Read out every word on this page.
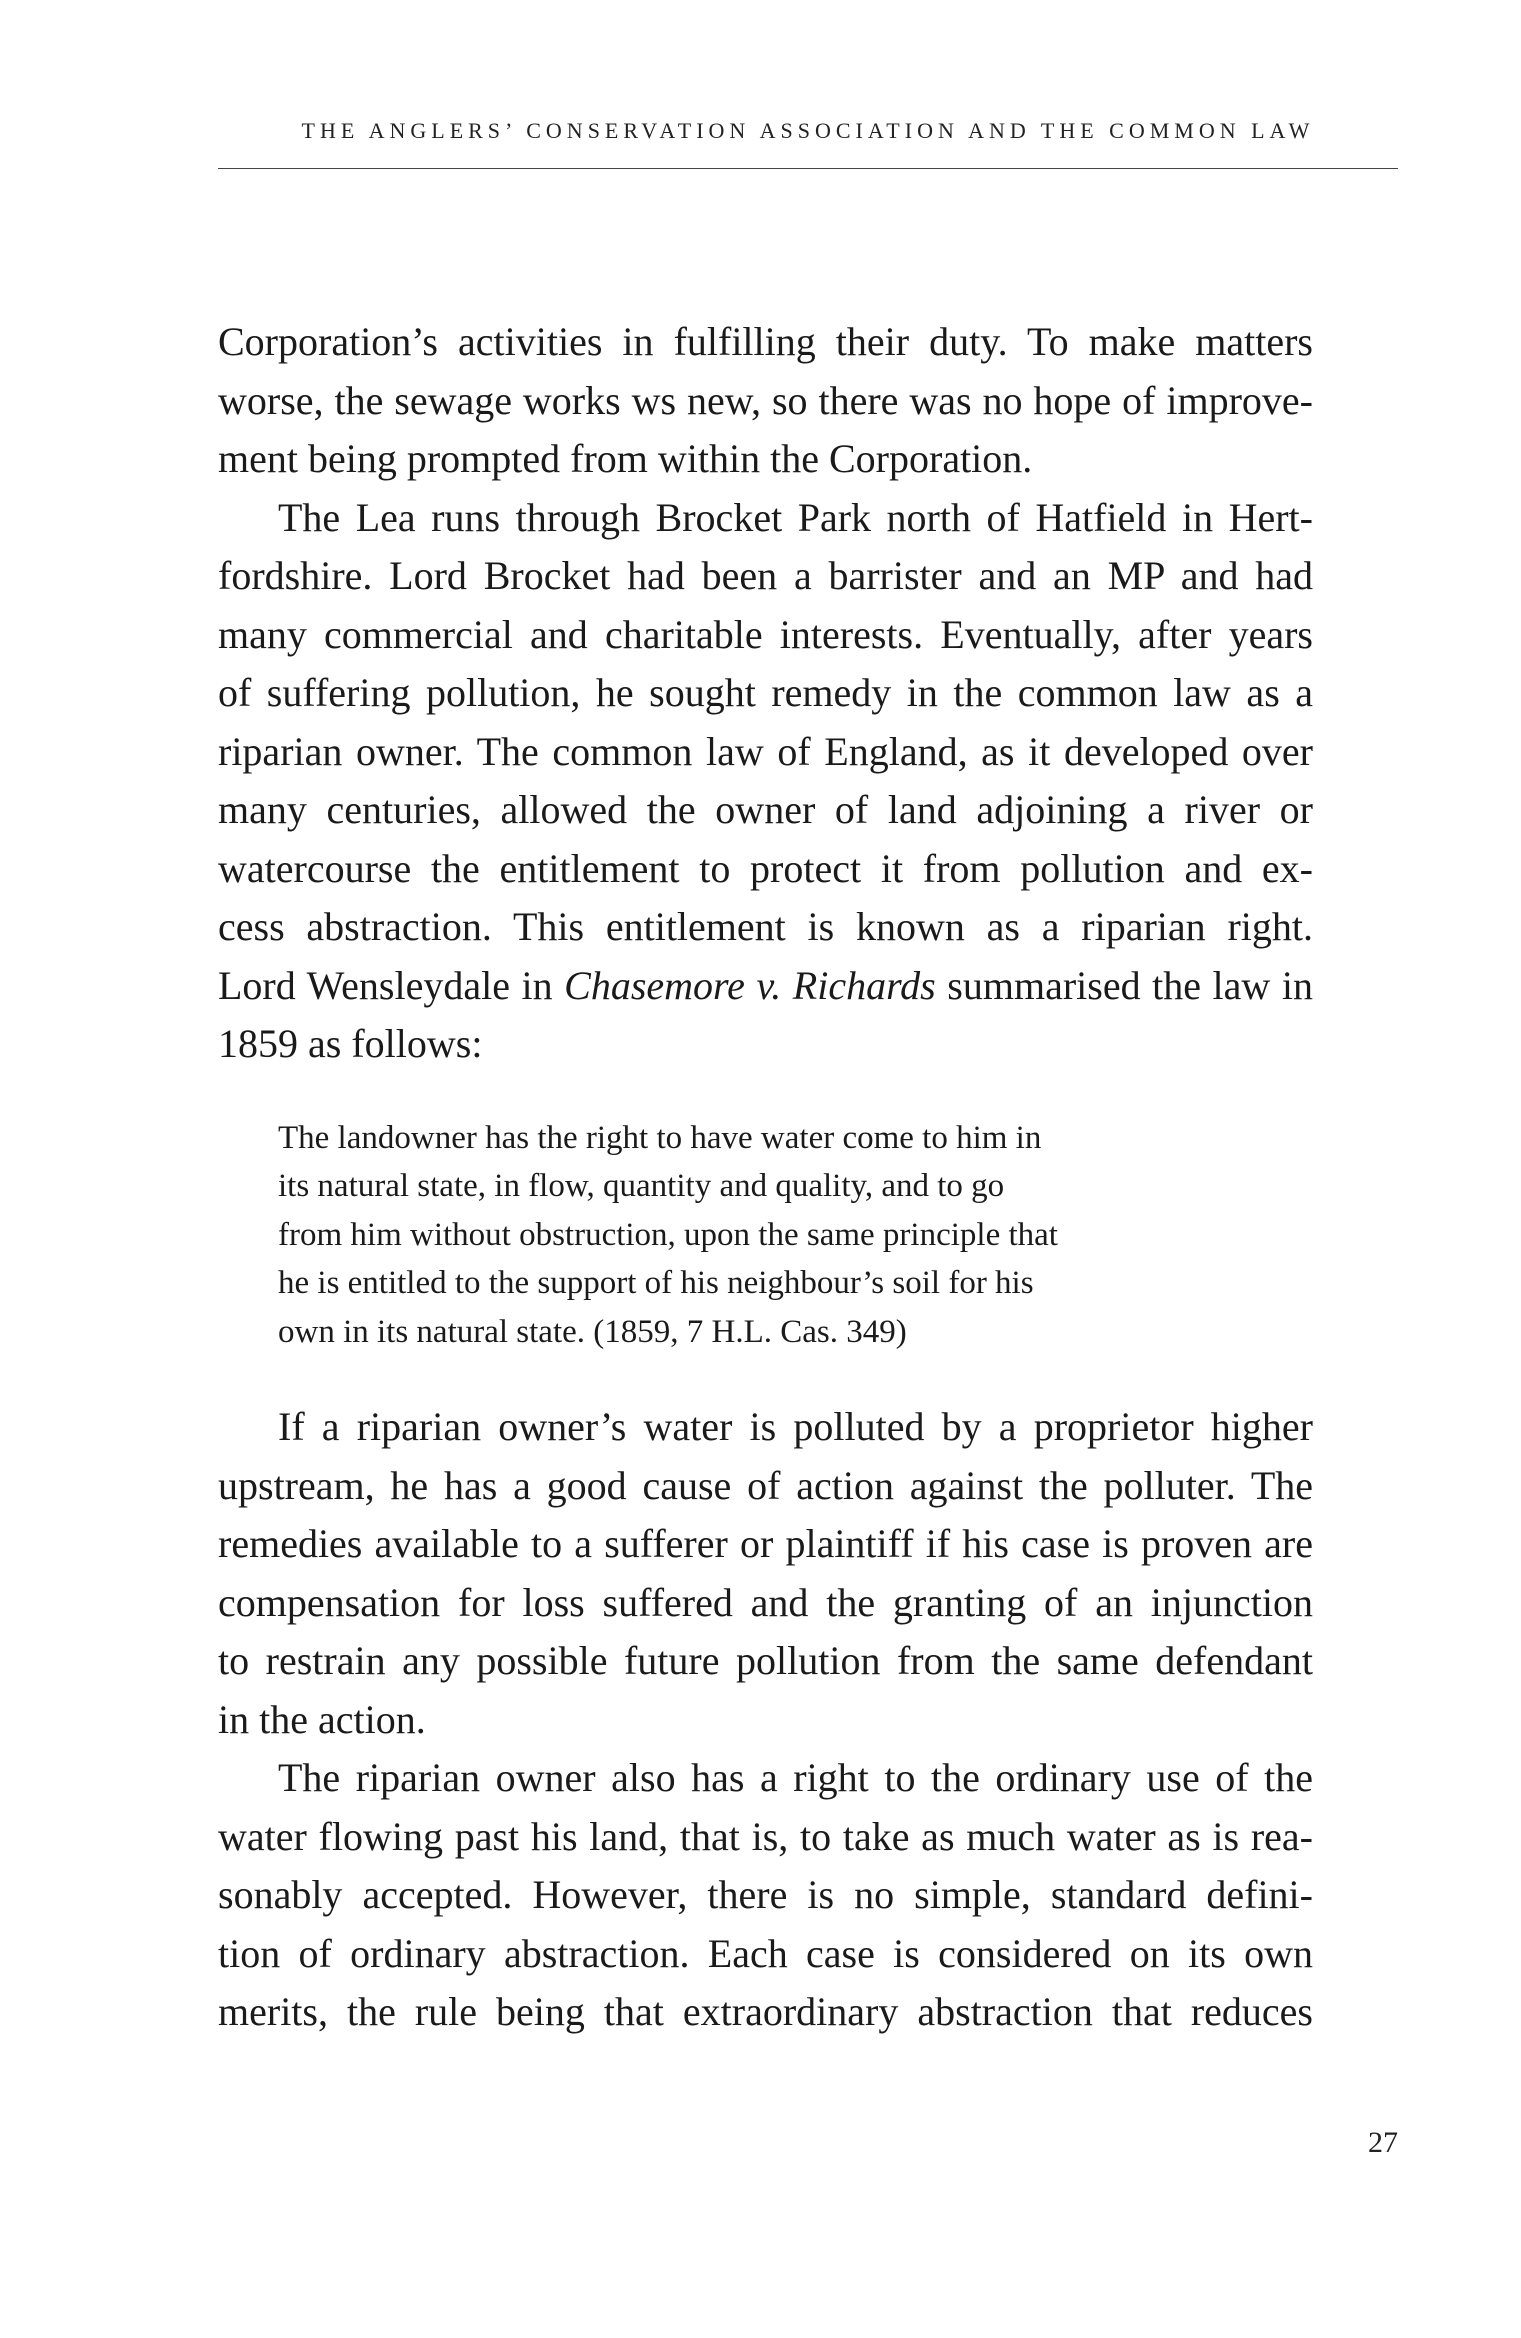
THE ANGLERS’ CONSERVATION ASSOCIATION AND THE COMMON LAW
Corporation’s activities in fulfilling their duty. To make matters
worse, the sewage works ws new, so there was no hope of improve-
ment being prompted from within the Corporation.
The Lea runs through Brocket Park north of Hatfield in Hert-
fordshire. Lord Brocket had been a barrister and an MP and had
many commercial and charitable interests. Eventually, after years
of suffering pollution, he sought remedy in the common law as a
riparian owner. The common law of England, as it developed over
many centuries, allowed the owner of land adjoining a river or
watercourse the entitlement to protect it from pollution and ex-
cess abstraction. This entitlement is known as a riparian right.
Lord Wensleydale in Chasemore v. Richards summarised the law in
1859 as follows:
The landowner has the right to have water come to him in
its natural state, in flow, quantity and quality, and to go
from him without obstruction, upon the same principle that
he is entitled to the support of his neighbour’s soil for his
own in its natural state. (1859, 7 H.L. Cas. 349)
If a riparian owner’s water is polluted by a proprietor higher
upstream, he has a good cause of action against the polluter. The
remedies available to a sufferer or plaintiff if his case is proven are
compensation for loss suffered and the granting of an injunction
to restrain any possible future pollution from the same defendant
in the action.
The riparian owner also has a right to the ordinary use of the
water flowing past his land, that is, to take as much water as is rea-
sonably accepted. However, there is no simple, standard defini-
tion of ordinary abstraction. Each case is considered on its own
merits, the rule being that extraordinary abstraction that reduces
27
